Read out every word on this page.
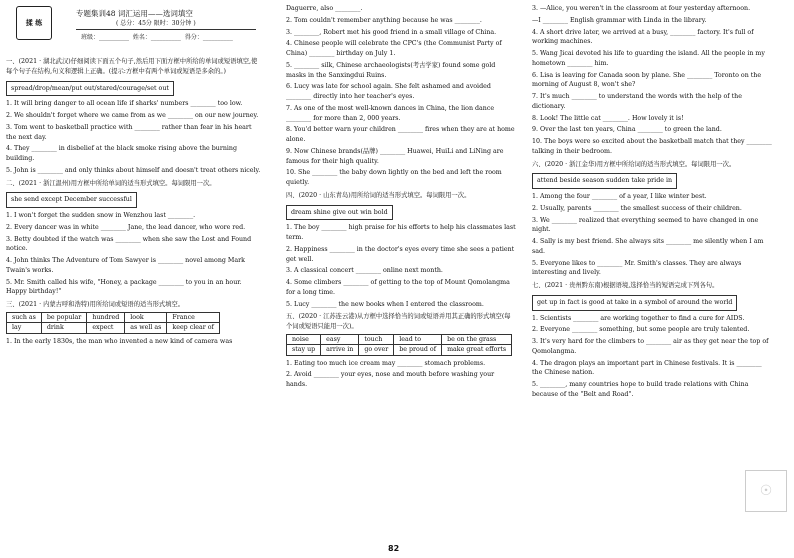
揉 练
专题集训48 词汇运用——选词填空
( 总分：45分 限时：30分钟 )
班级：__________ 姓名：__________ 得分：__________
一、(2021 · 湖北武汉)仔细阅读下面五个句子,然后用下面方框中所给的单词或短语填空,使每个句子在结构,句义和逻辑上正确。(提示:方框中有两个单词或短语是多余的。)
spread/drop/mean/put out/stared/courage/set out
1. It will bring danger to all ocean life if sharks' numbers ________ too low.
2. We shouldn't forget where we came from as we ________ on our new journey.
3. Tom went to basketball practice with ________ rather than fear in his heart the next day.
4. They ________ in disbelief at the black smoke rising above the burning building.
5. John is ________ and only thinks about himself and doesn't treat others nicely.
二、(2021 · 浙江温州)用方框中所给单词的适当形式填空。每词限用一次。
she send except December successful
1. I won't forget the sudden snow in Wenzhou last ________.
2. Every dancer was in white ________ Jane, the lead dancer, who wore red.
3. Betty doubted if the watch was ________ when she saw the Lost and Found notice.
4. John thinks The Adventure of Tom Sawyer is ________ novel among Mark Twain's works.
5. Mr. Smith called his wife, "Honey, a package ________ to you in an hour. Happy birthday!"
三、(2021 · 内蒙古呼和浩特)用所给词或短语的适当形式填空。
such as	be popular	hundred	look	France
lay	drink	expect	as well as	keep clear of
1. In the early 1830s, the man who invented a new kind of camera was
Daguerre, also ________.
2. Tom couldn't remember anything because he was ________.
3. ________, Robert met his good friend in a small village of China.
4. Chinese people will celebrate the CPC's (the Communist Party of China) ________ birthday on July 1.
5. ________ silk, Chinese archaeologists(考古学家) found some gold masks in the Sanxingdui Ruins.
6. Lucy was late for school again. She felt ashamed and avoided ________ directly into her teacher's eyes.
7. As one of the most well-known dances in China, the lion dance ________ for more than 2, 000 years.
8. You'd better warn your children ________ fires when they are at home alone.
9. Now Chinese brands(品牌) ________ Huawei, HuiLi and LiNing are famous for their high quality.
10. She ________ the baby down lightly on the bed and left the room quietly.
四、(2020 · 山东青岛)用所给词的适当形式填空。每词限用一次。
dream shine give out win bold
1. The boy ________ high praise for his efforts to help his classmates last term.
2. Happiness ________ in the doctor's eyes every time she sees a patient get well.
3. A classical concert ________ online next month.
4. Some climbers ________ of getting to the top of Mount Qomolangma for a long time.
5. Lucy ________ the new books when I entered the classroom.
五、(2020 · 江苏连云港)从方框中选择恰当的词或短语并用其正确的形式填空(每个词或短语只能用一次)。
noise	easy	touch	lead to	be on the grass
stay up	arrive in	go over	be proud of	make great efforts
1. Eating too much ice cream may ________ stomach problems.
2. Avoid ________ your eyes, nose and mouth before washing your hands.
3. —Alice, you weren't in the classroom at four yesterday afternoon.
—I ________ English grammar with Linda in the library.
4. A short drive later, we arrived at a busy, ________ factory. It's full of working machines.
5. Wang Jicai devoted his life to guarding the island. All the people in my hometown ________ him.
6. Lisa is leaving for Canada soon by plane. She ________ Toronto on the morning of August 8, won't she?
7. It's much ________ to understand the words with the help of the dictionary.
8. Look! The little cat ________. How lovely it is!
9. Over the last ten years, China ________ to green the land.
10. The boys were so excited about the basketball match that they ________ talking in their bedroom.
六、(2020 · 浙江金华)用方框中所给词的适当形式填空。每词限用一次。
attend beside season sudden take pride in
1. Among the four ________ of a year, I like winter best.
2. Usually, parents ________ the smallest success of their children.
3. We ________ realized that everything seemed to have changed in one night.
4. Sally is my best friend. She always sits ________ me silently when I am sad.
5. Everyone likes to ________ Mr. Smith's classes. They are always interesting and lively.
七、(2021 · 贵州黔东南)根据语境,选择恰当的短语完成下列各句。
get up in fact is good at take in a symbol of around the world
1. Scientists ________ are working together to find a cure for AIDS.
2. Everyone ________ something, but some people are truly talented.
3. It's very hard for the climbers to ________ air as they get near the top of Qomolangma.
4. The dragon plays an important part in Chinese festivals. It is ________ the Chinese nation.
5. ________, many countries hope to build trade relations with China because of the "Belt and Road".
82
☉
